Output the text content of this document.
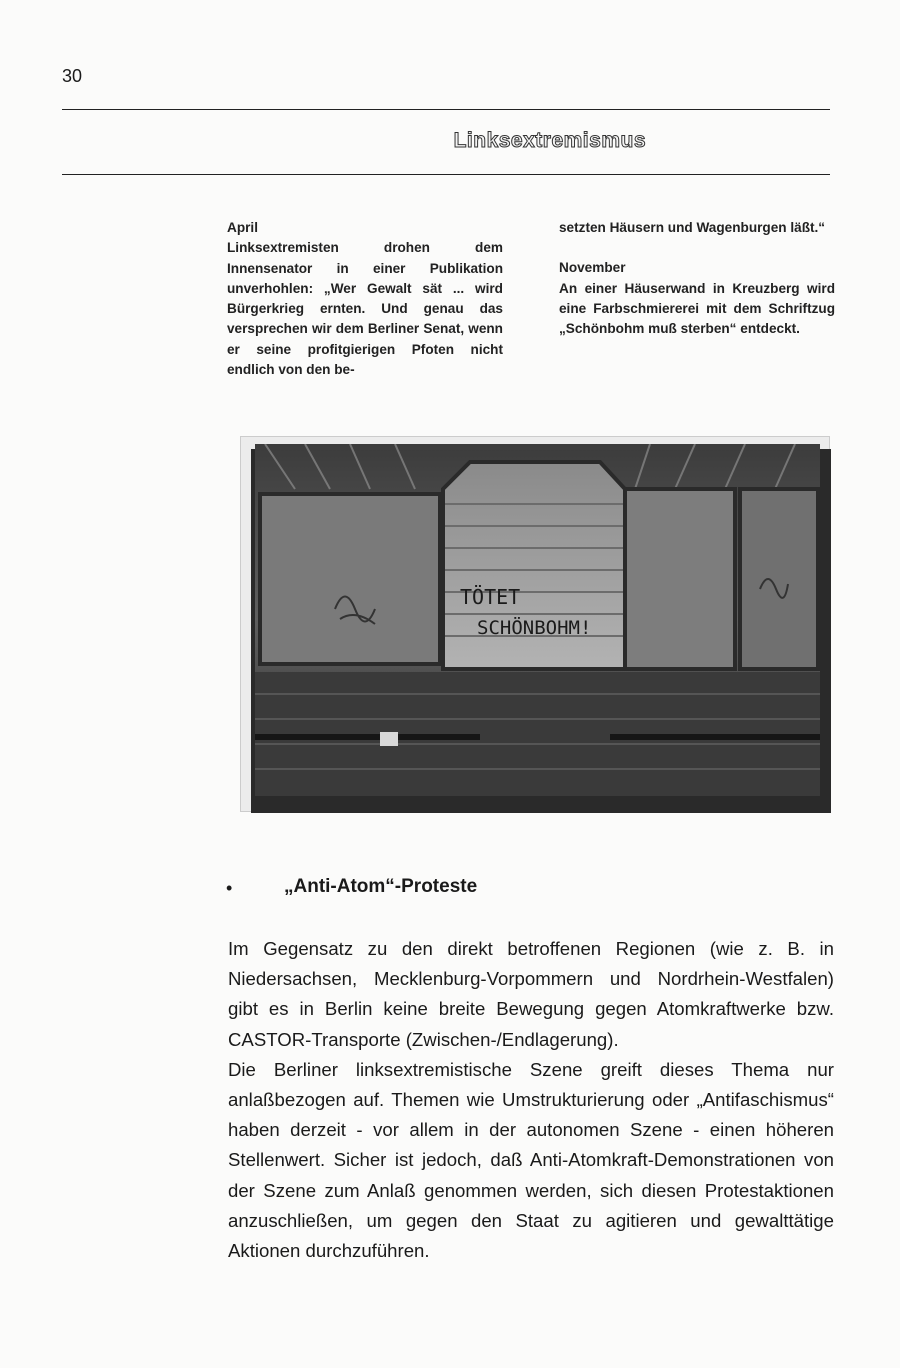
30
Linksextremismus

April

Linksextremisten drohen dem Innensenator in einer Publikation unverhohlen: „Wer Gewalt sät ... wird Bürgerkrieg ernten. Und genau das versprechen wir dem Berliner Senat, wenn er seine profitgierigen Pfoten nicht endlich von den be-

setzten Häusern und Wagenburgen läßt.“

November

An einer Häuserwand in Kreuzberg wird eine Farbschmiererei mit dem Schriftzug „Schönbohm muß sterben“ entdeckt.

TÖTET
SCHÖNBOHM!
•	„Anti-Atom“-Proteste

Im Gegensatz zu den direkt betroffenen Regionen (wie z. B. in Niedersachsen, Mecklenburg-Vorpommern und Nordrhein-Westfalen) gibt es in Berlin keine breite Bewegung gegen Atomkraftwerke bzw. CASTOR-Transporte (Zwischen-/Endlagerung).

Die Berliner linksextremistische Szene greift dieses Thema nur anlaßbezogen auf. Themen wie Umstrukturierung oder „Antifaschismus“ haben derzeit - vor allem in der autonomen Szene - einen höheren Stellenwert. Sicher ist jedoch, daß Anti-Atomkraft-Demonstrationen von der Szene zum Anlaß genommen werden, sich diesen Protestaktionen anzuschließen, um gegen den Staat zu agitieren und gewalttätige Aktionen durchzuführen.
